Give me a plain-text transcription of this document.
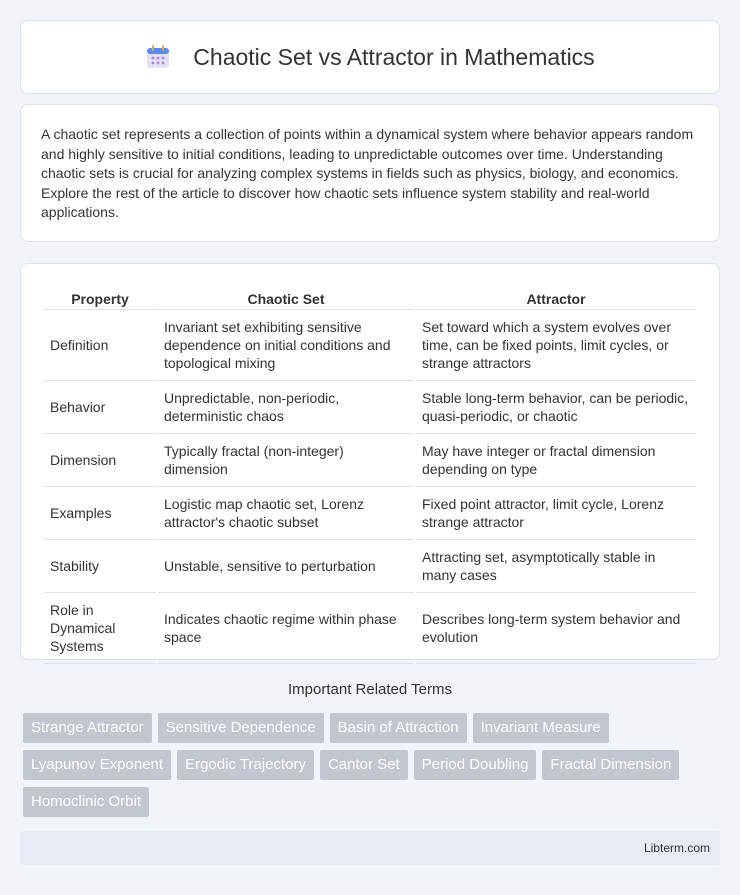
Chaotic Set vs Attractor in Mathematics

A chaotic set represents a collection of points within a dynamical system where behavior appears random and highly sensitive to initial conditions, leading to unpredictable outcomes over time. Understanding chaotic sets is crucial for analyzing complex systems in fields such as physics, biology, and economics. Explore the rest of the article to discover how chaotic sets influence system stability and real-world applications.

Property	Chaotic Set	Attractor
Definition	Invariant set exhibiting sensitive dependence on initial conditions and topological mixing	Set toward which a system evolves over time, can be fixed points, limit cycles, or strange attractors
Behavior	Unpredictable, non-periodic, deterministic chaos	Stable long-term behavior, can be periodic, quasi-periodic, or chaotic
Dimension	Typically fractal (non-integer) dimension	May have integer or fractal dimension depending on type
Examples	Logistic map chaotic set, Lorenz attractor's chaotic subset	Fixed point attractor, limit cycle, Lorenz strange attractor
Stability	Unstable, sensitive to perturbation	Attracting set, asymptotically stable in many cases
Role in Dynamical Systems	Indicates chaotic regime within phase space	Describes long-term system behavior and evolution
Important Related Terms
Strange Attractor	Sensitive Dependence	Basin of Attraction	Invariant Measure
Lyapunov Exponent	Ergodic Trajectory	Cantor Set	Period Doubling	Fractal Dimension
Homoclinic Orbit
Libterm.com
